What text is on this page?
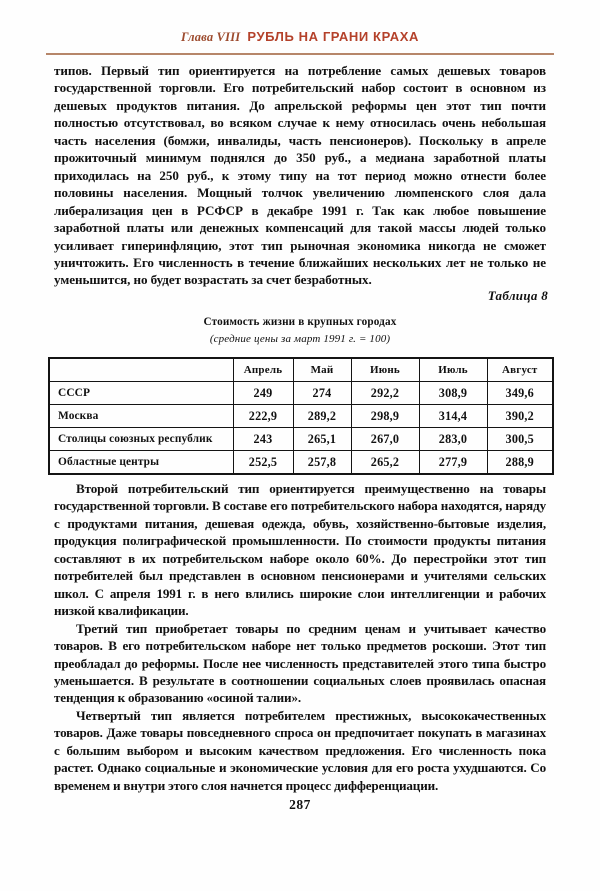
Глава VIII РУБЛЬ НА ГРАНИ КРАХА

типов. Первый тип ориентируется на потребление самых дешевых товаров государственной торговли. Его потребительский набор состоит в основном из дешевых продуктов питания. До апрельской реформы цен этот тип почти полностью отсутствовал, во всяком случае к нему относилась очень небольшая часть населения (бомжи, инвалиды, часть пенсионеров). Поскольку в апреле прожиточный минимум поднялся до 350 руб., а медиана заработной платы приходилась на 250 руб., к этому типу на тот период можно отнести более половины населения. Мощный толчок увеличению люмпенского слоя дала либерализация цен в РСФСР в декабре 1991 г. Так как любое повышение заработной платы или денежных компенсаций для такой массы людей только усиливает гиперинфляцию, этот тип рыночная экономика никогда не сможет уничтожить. Его численность в течение ближайших нескольких лет не только не уменьшится, но будет возрастать за счет безработных.

Таблица 8
Стоимость жизни в крупных городах
(средние цены за март 1991 г. = 100)
	Апрель	Май	Июнь	Июль	Август
СССР	249	274	292,2	308,9	349,6
Москва	222,9	289,2	298,9	314,4	390,2
Столицы союзных республик	243	265,1	267,0	283,0	300,5
Областные центры	252,5	257,8	265,2	277,9	288,9

Второй потребительский тип ориентируется преимущественно на товары государственной торговли. В составе его потребительского набора находятся, наряду с продуктами питания, дешевая одежда, обувь, хозяйственно-бытовые изделия, продукция полиграфической промышленности. По стоимости продукты питания составляют в их потребительском наборе около 60%. До перестройки этот тип потребителей был представлен в основном пенсионерами и учителями сельских школ. С апреля 1991 г. в него влились широкие слои интеллигенции и рабочих низкой квалификации.

Третий тип приобретает товары по средним ценам и учитывает качество товаров. В его потребительском наборе нет только предметов роскоши. Этот тип преобладал до реформы. После нее численность представителей этого типа быстро уменьшается. В результате в соотношении социальных слоев проявилась опасная тенденция к образованию «осиной талии».

Четвертый тип является потребителем престижных, высококачественных товаров. Даже товары повседневного спроса он предпочитает покупать в магазинах с большим выбором и высоким качеством предложения. Его численность пока растет. Однако социальные и экономические условия для его роста ухудшаются. Со временем и внутри этого слоя начнется процесс дифференциации.

287
